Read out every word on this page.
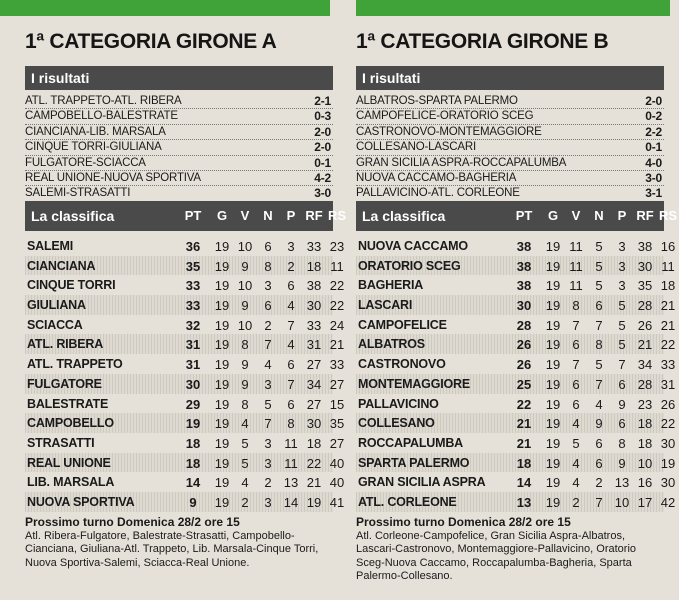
1ª CATEGORIA GIRONE A
I risultati
ATL. TRAPPETO-ATL. RIBERA	2-1
CAMPOBELLO-BALESTRATE	0-3
CIANCIANA-LIB. MARSALA	2-0
CINQUE TORRI-GIULIANA	2-0
FULGATORE-SCIACCA	0-1
REAL UNIONE-NUOVA SPORTIVA	4-2
SALEMI-STRASATTI	3-0
La classifica	PT	G	V	N	P RF RS
SALEMI	36 19 10 6	3 33 23
CIANCIANA	35 19 9	8	2 18 11
CINQUE TORRI	33 19 10 3	6 38 22
GIULIANA	33 19 9	6	4 30 22
SCIACCA	32 19 10 2	7 33 24
ATL. RIBERA	31 19 8	7	4 31 21
ATL. TRAPPETO	31 19 9	4	6 27 33
FULGATORE	30 19 9	3	7 34 27
BALESTRATE	29 19 8	5	6 27 15
CAMPOBELLO	19 19 4	7	8 30 35
STRASATTI	18 19 5	3 11 18 27
REAL UNIONE	18 19 5	3 11 22 40
LIB. MARSALA	14 19 4	2 13 21 40
NUOVA SPORTIVA	9	19 2	3 14 19 41
Prossimo turno Domenica 28/2 ore 15
Atl. Ribera-Fulgatore, Balestrate-Strasatti, Campobello-Cianciana, Giuliana-Atl. Trappeto, Lib. Marsala-Cinque Torri, Nuova Sportiva-Salemi, Sciacca-Real Unione.
1ª CATEGORIA GIRONE B
I risultati
ALBATROS-SPARTA PALERMO	2-0
CAMPOFELICE-ORATORIO SCEG	0-2
CASTRONOVO-MONTEMAGGIORE	2-2
COLLESANO-LASCARI	0-1
GRAN SICILIA ASPRA-ROCCAPALUMBA	4-0
NUOVA CACCAMO-BAGHERIA	3-0
PALLAVICINO-ATL. CORLEONE	3-1
La classifica	PT	G	V	N	P RF RS
NUOVA CACCAMO	38 19 11 5	3 38 16
ORATORIO SCEG	38 19 11 5	3 30 11
BAGHERIA	38 19 11 5	3 35 18
LASCARI	30 19 8	6	5 28 21
CAMPOFELICE	28 19 7	7	5 26 21
ALBATROS	26 19 6	8	5 21 22
CASTRONOVO	26 19 7	5	7 34 33
MONTEMAGGIORE	25 19 6	7	6 28 31
PALLAVICINO	22 19 6	4	9 23 26
COLLESANO	21 19 4	9	6 18 22
ROCCAPALUMBA	21 19 5	6	8 18 30
SPARTA PALERMO	18 19 4	6	9 10 19
GRAN SICILIA ASPRA 14 19 4	2 13 16 30
ATL. CORLEONE	13 19 2	7 10 17 42
Prossimo turno Domenica 28/2 ore 15
Atl. Corleone-Campofelice, Gran Sicilia Aspra-Albatros, Lascari-Castronovo, Montemaggiore-Pallavicino, Oratorio Sceg-Nuova Caccamo, Roccapalumba-Bagheria, Sparta Palermo-Collesano.
